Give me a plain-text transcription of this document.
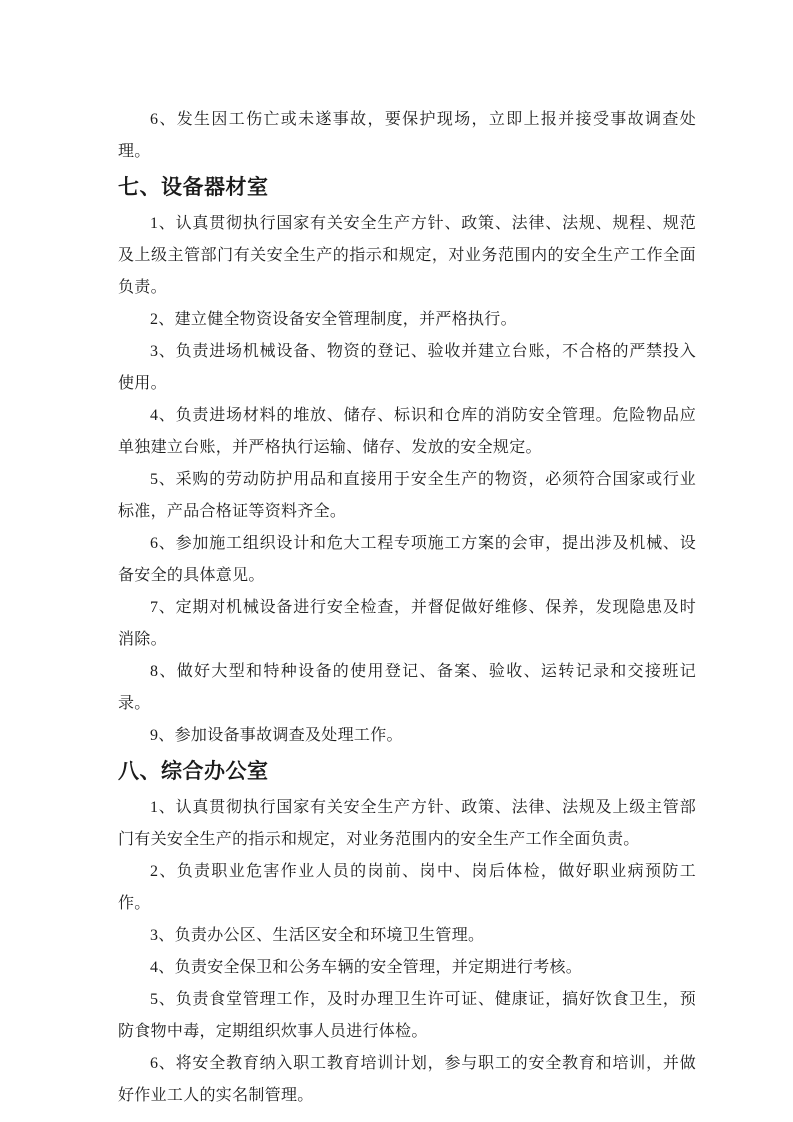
6、发生因工伤亡或未遂事故，要保护现场，立即上报并接受事故调查处理。

七、设备器材室

1、认真贯彻执行国家有关安全生产方针、政策、法律、法规、规程、规范及上级主管部门有关安全生产的指示和规定，对业务范围内的安全生产工作全面负责。

2、建立健全物资设备安全管理制度，并严格执行。

3、负责进场机械设备、物资的登记、验收并建立台账，不合格的严禁投入使用。

4、负责进场材料的堆放、储存、标识和仓库的消防安全管理。危险物品应单独建立台账，并严格执行运输、储存、发放的安全规定。

5、采购的劳动防护用品和直接用于安全生产的物资，必须符合国家或行业标准，产品合格证等资料齐全。

6、参加施工组织设计和危大工程专项施工方案的会审，提出涉及机械、设备安全的具体意见。

7、定期对机械设备进行安全检查，并督促做好维修、保养，发现隐患及时消除。

8、做好大型和特种设备的使用登记、备案、验收、运转记录和交接班记录。

9、参加设备事故调查及处理工作。

八、综合办公室

1、认真贯彻执行国家有关安全生产方针、政策、法律、法规及上级主管部门有关安全生产的指示和规定，对业务范围内的安全生产工作全面负责。

2、负责职业危害作业人员的岗前、岗中、岗后体检，做好职业病预防工作。

3、负责办公区、生活区安全和环境卫生管理。

4、负责安全保卫和公务车辆的安全管理，并定期进行考核。

5、负责食堂管理工作，及时办理卫生许可证、健康证，搞好饮食卫生，预防食物中毒，定期组织炊事人员进行体检。

6、将安全教育纳入职工教育培训计划，参与职工的安全教育和培训，并做好作业工人的实名制管理。
